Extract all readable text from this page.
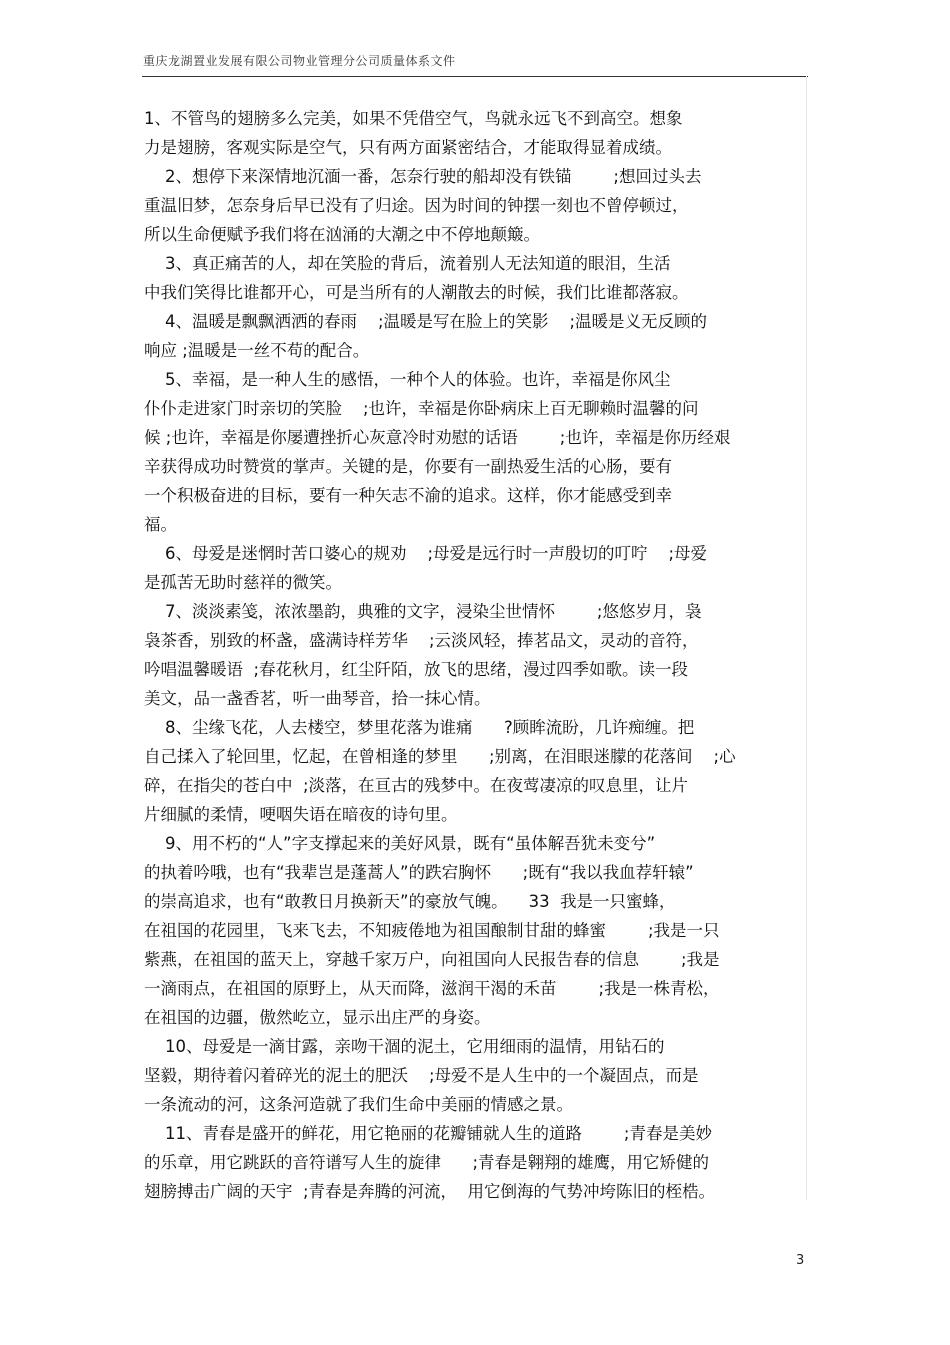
重庆龙湖置业发展有限公司物业管理分公司质量体系文件
1、不管鸟的翅膀多么完美，如果不凭借空气，鸟就永远飞不到高空。想象
力是翅膀，客观实际是空气，只有两方面紧密结合，才能取得显着成绩。
2、想停下来深情地沉湎一番，怎奈行驶的船却没有铁锚        ;想回过头去
重温旧梦，怎奈身后早已没有了归途。因为时间的钟摆一刻也不曾停顿过，
所以生命便赋予我们将在汹涌的大潮之中不停地颠簸。
3、真正痛苦的人，却在笑脸的背后，流着别人无法知道的眼泪，生活
中我们笑得比谁都开心，可是当所有的人潮散去的时候，我们比谁都落寂。
4、温暖是飘飘洒洒的春雨    ;温暖是写在脸上的笑影    ;温暖是义无反顾的
响应 ;温暖是一丝不苟的配合。
5、幸福，是一种人生的感悟，一种个人的体验。也许，幸福是你风尘
仆仆走进家门时亲切的笑脸    ;也许，幸福是你卧病床上百无聊赖时温馨的问
候 ;也许，幸福是你屡遭挫折心灰意冷时劝慰的话语        ;也许，幸福是你历经艰
辛获得成功时赞赏的掌声。关键的是，你要有一副热爱生活的心肠，要有
一个积极奋进的目标，要有一种矢志不渝的追求。这样，你才能感受到幸
福。
6、母爱是迷惘时苦口婆心的规劝    ;母爱是远行时一声殷切的叮咛    ;母爱
是孤苦无助时慈祥的微笑。
7、淡淡素笺，浓浓墨韵，典雅的文字，浸染尘世情怀        ;悠悠岁月，袅
袅茶香，别致的杯盏，盛满诗样芳华    ;云淡风轻，捧茗品文，灵动的音符，
吟唱温馨暖语  ;春花秋月，红尘阡陌，放飞的思绪，漫过四季如歌。读一段
美文，品一盏香茗，听一曲琴音，拾一抹心情。
8、尘缘飞花，人去楼空，梦里花落为谁痛      ?顾眸流盼，几许痴缠。把
自己揉入了轮回里，忆起，在曾相逢的梦里      ;别离，在泪眼迷朦的花落间    ;心
碎，在指尖的苍白中  ;淡落，在亘古的残梦中。在夜莺凄凉的叹息里，让片
片细腻的柔情，哽咽失语在暗夜的诗句里。
9、用不朽的“人”字支撑起来的美好风景，既有“虽体解吾犹未变兮”
的执着吟哦，也有“我辈岂是蓬蒿人”的跌宕胸怀      ;既有“我以我血荐轩辕”
的崇高追求，也有“敢教日月换新天”的豪放气魄。    33  我是一只蜜蜂，
在祖国的花园里，飞来飞去，不知疲倦地为祖国酿制甘甜的蜂蜜        ;我是一只
紫燕，在祖国的蓝天上，穿越千家万户，向祖国向人民报告春的信息        ;我是
一滴雨点，在祖国的原野上，从天而降，滋润干渴的禾苗        ;我是一株青松，
在祖国的边疆，傲然屹立，显示出庄严的身姿。
10、母爱是一滴甘露，亲吻干涸的泥土，它用细雨的温情，用钻石的
坚毅，期待着闪着碎光的泥土的肥沃    ;母爱不是人生中的一个凝固点，而是
一条流动的河，这条河造就了我们生命中美丽的情感之景。
11、青春是盛开的鲜花，用它艳丽的花瓣铺就人生的道路        ;青春是美妙
的乐章，用它跳跃的音符谱写人生的旋律      ;青春是翱翔的雄鹰，用它矫健的
翅膀搏击广阔的天宇  ;青春是奔腾的河流，  用它倒海的气势冲垮陈旧的桎梏。
3
